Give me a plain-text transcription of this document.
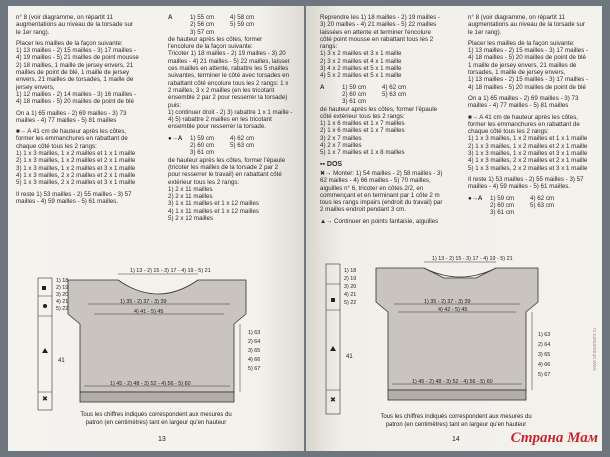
n° 8 (voir diagramme, on répartit 11

augmentations au niveau de la torsade sur

le 1er rang).

Placer les mailles de la façon suivante:

1) 13 mailles - 2) 15 mailles - 3) 17 mailles -

4) 19 mailles - 5) 21 mailles de point mousse

2) 18 mailles, 1 maille de jersey envers, 21

mailles de point de blé, 1 maille de jersey

envers, 21 mailles de torsades, 1 maille de

jersey envers,

1) 12 mailles - 2) 14 mailles - 3) 16 mailles -

4) 18 mailles - 5) 20 mailles de point de blé

On a 1) 65 mailles - 2) 69 mailles - 3) 73

mailles - 4) 77 mailles - 5) 81 mailles

■→ A 41 cm de hauteur après les côtes,

former les emmanchures en rabattant de

chaque côté tous les 2 rangs:

1) 1 x 3 mailles, 1 x 2 mailles et 1 x 1 maille

2) 1 x 3 mailles, 1 x 2 mailles et 2 x 1 maille

3) 1 x 3 mailles, 1 x 2 mailles et 3 x 1 maille

4) 1 x 3 mailles, 2 x 2 mailles et 2 x 1 maille

5) 1 x 3 mailles, 2 x 2 mailles et 3 x 1 maille

Il reste 1) 53 mailles - 2) 55 mailles - 3) 57

mailles - 4) 59 mailles - 5) 61 mailles.

A	1) 55 cm	4) 58 cm
2) 56 cm	5) 59 cm
3) 57 cm

de hauteur après les côtes, former

l'encolure de la façon suivante:

Tricoter 1) 18 mailles - 2) 19 mailles - 3) 20

mailles - 4) 21 mailles - 5) 22 mailles, laisser

ces mailles en attente, rabattre les 5 mailles

suivantes, terminer le côté avec torsades en

rabattant côté encolure tous les 2 rangs: 1 x

2 mailles, 3 x 2 mailles (en les tricotant

ensemble 2 par 2 pour resserrer la torsade)

puis:

1) continuer droit - 2) 3) rabattre 1 x 1 maille -

4) 5) rabattre 2 mailles en les tricotant

ensemble pour resserrer la torsade.

●→A	1) 59 cm	4) 62 cm
2) 60 cm	5) 63 cm
3) 61 cm

de hauteur après les côtes, former l'épaule

(tricoter les mailles de la torsade 2 par 2

pour resserrer le travail) en rabattant côté

extérieur tous les 2 rangs:

1) 2 x 11 mailles

2) 2 x 11 mailles

3) 1 x 11 mailles et 1 x 12 mailles

4) 1 x 11 mailles et 1 x 12 mailles

5) 2 x 12 mailles

✖
1) 13 - 2) 15 - 3) 17 - 4) 19 - 5) 21
1) 18
2) 19
3) 20
4) 21
5) 22
1) 35 - 2) 37 - 3) 39
4) 41 - 5) 45
1) 63
2) 64
3) 65
4) 66
5) 67
41
1) 45 - 2) 48 - 3) 52 - 4) 56 - 5) 60
Tous les chiffres indiqués correspondent aux mesures du
patron (en centimètres) tant en largeur qu'en hauteur
13

Reprendre les 1) 18 mailles - 2) 19 mailles -

3) 20 mailles - 4) 21 mailles - 5) 22 mailles

laissées en attente et terminer l'encolure

côté point mousse en rabattant tous les 2

rangs:

1) 3 x 2 mailles et 3 x 1 maille

2) 3 x 2 mailles et 4 x 1 maille

3) 4 x 2 mailles et 5 x 1 maille

4) 5 x 2 mailles et 5 x 1 maille

A	1) 59 cm	4) 62 cm
2) 60 cm	5) 63 cm
3) 61 cm

de hauteur après les côtes, former l'épaule

côté extérieur tous les 2 rangs:

1) 1 x 6 mailles et 1 x 7 mailles

2) 1 x 6 mailles et 1 x 7 mailles

3) 2 x 7 mailles

4) 2 x 7 mailles

5) 1 x 7 mailles et 1 x 8 mailles

▪▪ DOS

✖→ Monter: 1) 54 mailles - 2) 58 mailles - 3)

62 mailles - 4) 66 mailles - 5) 70 mailles,

aiguilles n° 6, tricoter en côtes 2/2, en

commençant et en terminant par 1 côte 2 m

tous les rangs impairs (endroit du travail) par

2 mailles endroit pendant 3 cm.

▲→ Continuer en points fantaisie, aiguilles

n° 8 (voir diagramme, on répartit 11

augmentations au niveau de la torsade sur

le 1er rang).

Placer les mailles de la façon suivante:

1) 13 mailles - 2) 15 mailles - 3) 17 mailles -

4) 18 mailles - 5) 20 mailles de point de blé

1 maille de jersey envers, 21 mailles de

torsades, 1 maille de jersey envers,

1) 13 mailles - 2) 15 mailles - 3) 17 mailles -

4) 18 mailles - 5) 20 mailles de point de blé

On a 1) 65 mailles - 2) 69 mailles - 3) 73

mailles - 4) 77 mailles - 5) 81 mailles

■→ A 41 cm de hauteur après les côtes,

former les emmanchures en rabattant de

chaque côté tous les 2 rangs:

1) 1 x 3 mailles, 1 x 2 mailles et 1 x 1 maille

2) 1 x 3 mailles, 1 x 2 mailles et 2 x 1 maille

3) 1 x 3 mailles, 1 x 2 mailles et 3 x 1 maille

4) 1 x 3 mailles, 2 x 2 mailles et 2 x 1 maille

5) 1 x 3 mailles, 2 x 2 mailles et 3 x 1 maille

Il reste 1) 53 mailles - 2) 55 mailles - 3) 57

mailles - 4) 59 mailles - 5) 61 mailles.

●→A	1) 59 cm	4) 62 cm
2) 60 cm	5) 63 cm
3) 61 cm
✖
1) 13 - 2) 15 - 3) 17 - 4) 19 - 5) 21
1) 18
2) 19
3) 20
4) 21
5) 22	1) 35 - 2) 37 - 3) 39
4) 42 - 5) 45
1) 63
2) 64
3) 65
4) 66
5) 67
41
1) 45 - 2) 48 - 3) 52 - 4) 56 - 5) 60
Tous les chiffres indiqués correspondent aux mesures du
patron (en centimètres) tant en largeur qu'en hauteur
14
www.stranamam.ru
Страна Мам
